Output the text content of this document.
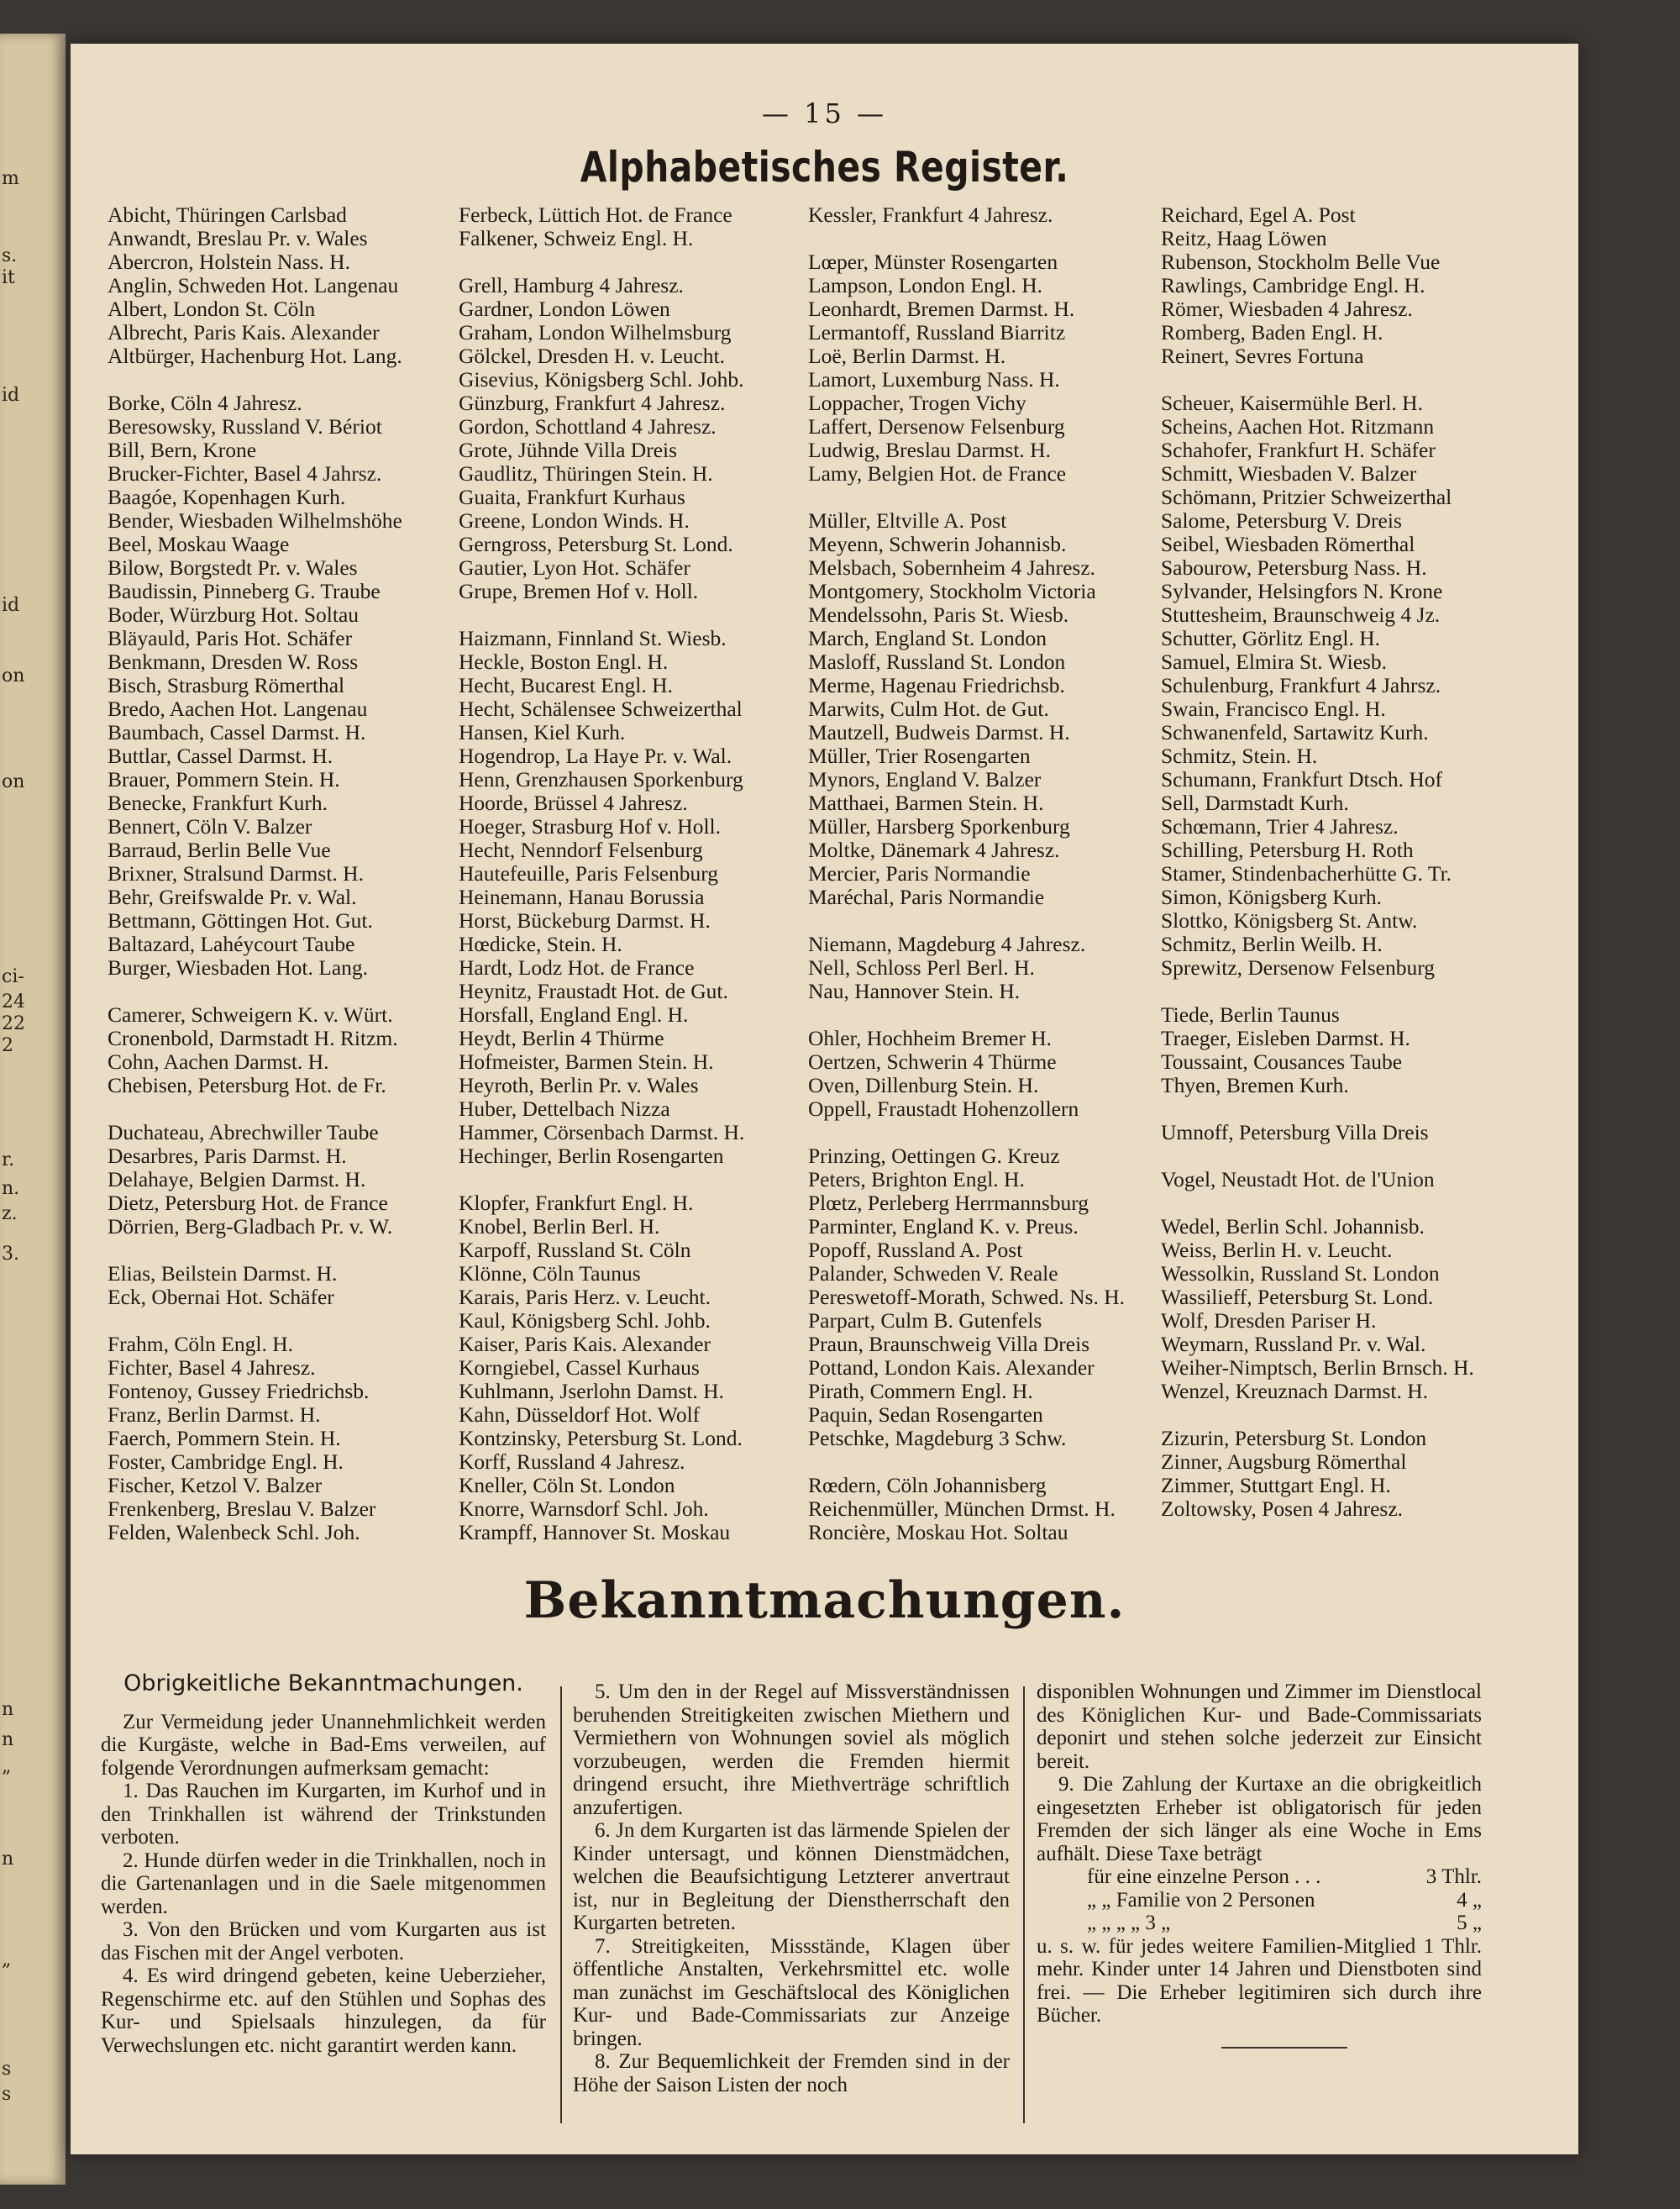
m
s.
it
id
id
on
on
ci-
24
22
2
r.
n.
z.
3.
n
n
„
n
„
s
s
— 15 —
Alphabetisches Register.
Abicht, Thüringen Carlsbad
Anwandt, Breslau Pr. v. Wales
Abercron, Holstein Nass. H.
Anglin, Schweden Hot. Langenau
Albert, London St. Cöln
Albrecht, Paris Kais. Alexander
Altbürger, Hachenburg Hot. Lang.
Borke, Cöln 4 Jahresz.
Beresowsky, Russland V. Bériot
Bill, Bern, Krone
Brucker-Fichter, Basel 4 Jahrsz.
Baagóe, Kopenhagen Kurh.
Bender, Wiesbaden Wilhelmshöhe
Beel, Moskau Waage
Bilow, Borgstedt Pr. v. Wales
Baudissin, Pinneberg G. Traube
Boder, Würzburg Hot. Soltau
Bläyauld, Paris Hot. Schäfer
Benkmann, Dresden W. Ross
Bisch, Strasburg Römerthal
Bredo, Aachen Hot. Langenau
Baumbach, Cassel Darmst. H.
Buttlar, Cassel Darmst. H.
Brauer, Pommern Stein. H.
Benecke, Frankfurt Kurh.
Bennert, Cöln V. Balzer
Barraud, Berlin Belle Vue
Brixner, Stralsund Darmst. H.
Behr, Greifswalde Pr. v. Wal.
Bettmann, Göttingen Hot. Gut.
Baltazard, Lahéycourt Taube
Burger, Wiesbaden Hot. Lang.
Camerer, Schweigern K. v. Würt.
Cronenbold, Darmstadt H. Ritzm.
Cohn, Aachen Darmst. H.
Chebisen, Petersburg Hot. de Fr.
Duchateau, Abrechwiller Taube
Desarbres, Paris Darmst. H.
Delahaye, Belgien Darmst. H.
Dietz, Petersburg Hot. de France
Dörrien, Berg-Gladbach Pr. v. W.
Elias, Beilstein Darmst. H.
Eck, Obernai Hot. Schäfer
Frahm, Cöln Engl. H.
Fichter, Basel 4 Jahresz.
Fontenoy, Gussey Friedrichsb.
Franz, Berlin Darmst. H.
Faerch, Pommern Stein. H.
Foster, Cambridge Engl. H.
Fischer, Ketzol V. Balzer
Frenkenberg, Breslau V. Balzer
Felden, Walenbeck Schl. Joh.
Ferbeck, Lüttich Hot. de France
Falkener, Schweiz Engl. H.
Grell, Hamburg 4 Jahresz.
Gardner, London Löwen
Graham, London Wilhelmsburg
Gölckel, Dresden H. v. Leucht.
Gisevius, Königsberg Schl. Johb.
Günzburg, Frankfurt 4 Jahresz.
Gordon, Schottland 4 Jahresz.
Grote, Jühnde Villa Dreis
Gaudlitz, Thüringen Stein. H.
Guaita, Frankfurt Kurhaus
Greene, London Winds. H.
Gerngross, Petersburg St. Lond.
Gautier, Lyon Hot. Schäfer
Grupe, Bremen Hof v. Holl.
Haizmann, Finnland St. Wiesb.
Heckle, Boston Engl. H.
Hecht, Bucarest Engl. H.
Hecht, Schälensee Schweizerthal
Hansen, Kiel Kurh.
Hogendrop, La Haye Pr. v. Wal.
Henn, Grenzhausen Sporkenburg
Hoorde, Brüssel 4 Jahresz.
Hoeger, Strasburg Hof v. Holl.
Hecht, Nenndorf Felsenburg
Hautefeuille, Paris Felsenburg
Heinemann, Hanau Borussia
Horst, Bückeburg Darmst. H.
Hœdicke, Stein. H.
Hardt, Lodz Hot. de France
Heynitz, Fraustadt Hot. de Gut.
Horsfall, England Engl. H.
Heydt, Berlin 4 Thürme
Hofmeister, Barmen Stein. H.
Heyroth, Berlin Pr. v. Wales
Huber, Dettelbach Nizza
Hammer, Cörsenbach Darmst. H.
Hechinger, Berlin Rosengarten
Klopfer, Frankfurt Engl. H.
Knobel, Berlin Berl. H.
Karpoff, Russland St. Cöln
Klönne, Cöln Taunus
Karais, Paris Herz. v. Leucht.
Kaul, Königsberg Schl. Johb.
Kaiser, Paris Kais. Alexander
Korngiebel, Cassel Kurhaus
Kuhlmann, Jserlohn Damst. H.
Kahn, Düsseldorf Hot. Wolf
Kontzinsky, Petersburg St. Lond.
Korff, Russland 4 Jahresz.
Kneller, Cöln St. London
Knorre, Warnsdorf Schl. Joh.
Krampff, Hannover St. Moskau
Kessler, Frankfurt 4 Jahresz.
Lœper, Münster Rosengarten
Lampson, London Engl. H.
Leonhardt, Bremen Darmst. H.
Lermantoff, Russland Biarritz
Loë, Berlin Darmst. H.
Lamort, Luxemburg Nass. H.
Loppacher, Trogen Vichy
Laffert, Dersenow Felsenburg
Ludwig, Breslau Darmst. H.
Lamy, Belgien Hot. de France
Müller, Eltville A. Post
Meyenn, Schwerin Johannisb.
Melsbach, Sobernheim 4 Jahresz.
Montgomery, Stockholm Victoria
Mendelssohn, Paris St. Wiesb.
March, England St. London
Masloff, Russland St. London
Merme, Hagenau Friedrichsb.
Marwits, Culm Hot. de Gut.
Mautzell, Budweis Darmst. H.
Müller, Trier Rosengarten
Mynors, England V. Balzer
Matthaei, Barmen Stein. H.
Müller, Harsberg Sporkenburg
Moltke, Dänemark 4 Jahresz.
Mercier, Paris Normandie
Maréchal, Paris Normandie
Niemann, Magdeburg 4 Jahresz.
Nell, Schloss Perl Berl. H.
Nau, Hannover Stein. H.
Ohler, Hochheim Bremer H.
Oertzen, Schwerin 4 Thürme
Oven, Dillenburg Stein. H.
Oppell, Fraustadt Hohenzollern
Prinzing, Oettingen G. Kreuz
Peters, Brighton Engl. H.
Plœtz, Perleberg Herrmannsburg
Parminter, England K. v. Preus.
Popoff, Russland A. Post
Palander, Schweden V. Reale
Pereswetoff-Morath, Schwed. Ns. H.
Parpart, Culm B. Gutenfels
Praun, Braunschweig Villa Dreis
Pottand, London Kais. Alexander
Pirath, Commern Engl. H.
Paquin, Sedan Rosengarten
Petschke, Magdeburg 3 Schw.
Rœdern, Cöln Johannisberg
Reichenmüller, München Drmst. H.
Roncière, Moskau Hot. Soltau
Reichard, Egel A. Post
Reitz, Haag Löwen
Rubenson, Stockholm Belle Vue
Rawlings, Cambridge Engl. H.
Römer, Wiesbaden 4 Jahresz.
Romberg, Baden Engl. H.
Reinert, Sevres Fortuna
Scheuer, Kaisermühle Berl. H.
Scheins, Aachen Hot. Ritzmann
Schahofer, Frankfurt H. Schäfer
Schmitt, Wiesbaden V. Balzer
Schömann, Pritzier Schweizerthal
Salome, Petersburg V. Dreis
Seibel, Wiesbaden Römerthal
Sabourow, Petersburg Nass. H.
Sylvander, Helsingfors N. Krone
Stuttesheim, Braunschweig 4 Jz.
Schutter, Görlitz Engl. H.
Samuel, Elmira St. Wiesb.
Schulenburg, Frankfurt 4 Jahrsz.
Swain, Francisco Engl. H.
Schwanenfeld, Sartawitz Kurh.
Schmitz, Stein. H.
Schumann, Frankfurt Dtsch. Hof
Sell, Darmstadt Kurh.
Schœmann, Trier 4 Jahresz.
Schilling, Petersburg H. Roth
Stamer, Stindenbacherhütte G. Tr.
Simon, Königsberg Kurh.
Slottko, Königsberg St. Antw.
Schmitz, Berlin Weilb. H.
Sprewitz, Dersenow Felsenburg
Tiede, Berlin Taunus
Traeger, Eisleben Darmst. H.
Toussaint, Cousances Taube
Thyen, Bremen Kurh.
Umnoff, Petersburg Villa Dreis
Vogel, Neustadt Hot. de l'Union
Wedel, Berlin Schl. Johannisb.
Weiss, Berlin H. v. Leucht.
Wessolkin, Russland St. London
Wassilieff, Petersburg St. Lond.
Wolf, Dresden Pariser H.
Weymarn, Russland Pr. v. Wal.
Weiher-Nimptsch, Berlin Brnsch. H.
Wenzel, Kreuznach Darmst. H.
Zizurin, Petersburg St. London
Zinner, Augsburg Römerthal
Zimmer, Stuttgart Engl. H.
Zoltowsky, Posen 4 Jahresz.
Bekanntmachungen.
Obrigkeitliche Bekanntmachungen.

Zur Vermeidung jeder Unannehmlichkeit werden die Kurgäste, welche in Bad-Ems verweilen, auf folgende Verordnungen aufmerksam gemacht:

1. Das Rauchen im Kurgarten, im Kurhof und in den Trinkhallen ist während der Trinkstunden verboten.

2. Hunde dürfen weder in die Trinkhallen, noch in die Gartenanlagen und in die Saele mitgenommen werden.

3. Von den Brücken und vom Kurgarten aus ist das Fischen mit der Angel verboten.

4. Es wird dringend gebeten, keine Ueberzieher, Regenschirme etc. auf den Stühlen und Sophas des Kur- und Spielsaals hinzulegen, da für Verwechslungen etc. nicht garantirt werden kann.

5. Um den in der Regel auf Missverständnissen beruhenden Streitigkeiten zwischen Miethern und Vermiethern von Wohnungen soviel als möglich vorzubeugen, werden die Fremden hiermit dringend ersucht, ihre Miethverträge schriftlich anzufertigen.

6. Jn dem Kurgarten ist das lärmende Spielen der Kinder untersagt, und können Dienstmädchen, welchen die Beaufsichtigung Letzterer anvertraut ist, nur in Begleitung der Dienstherrschaft den Kurgarten betreten.

7. Streitigkeiten, Missstände, Klagen über öffentliche Anstalten, Verkehrsmittel etc. wolle man zunächst im Geschäftslocal des Königlichen Kur- und Bade-Commissariats zur Anzeige bringen.

8. Zur Bequemlichkeit der Fremden sind in der Höhe der Saison Listen der noch

disponiblen Wohnungen und Zimmer im Dienstlocal des Königlichen Kur- und Bade-Commissariats deponirt und stehen solche jederzeit zur Einsicht bereit.

9. Die Zahlung der Kurtaxe an die obrigkeitlich eingesetzten Erheber ist obligatorisch für jeden Fremden der sich länger als eine Woche in Ems aufhält. Diese Taxe beträgt

für eine einzelne Person . . .	3 Thlr.
„ „ Familie von 2 Personen	4 „
„ „ „ „ 3 „	5 „

u. s. w. für jedes weitere Familien-Mitglied 1 Thlr. mehr. Kinder unter 14 Jahren und Dienstboten sind frei. — Die Erheber legitimiren sich durch ihre Bücher.
